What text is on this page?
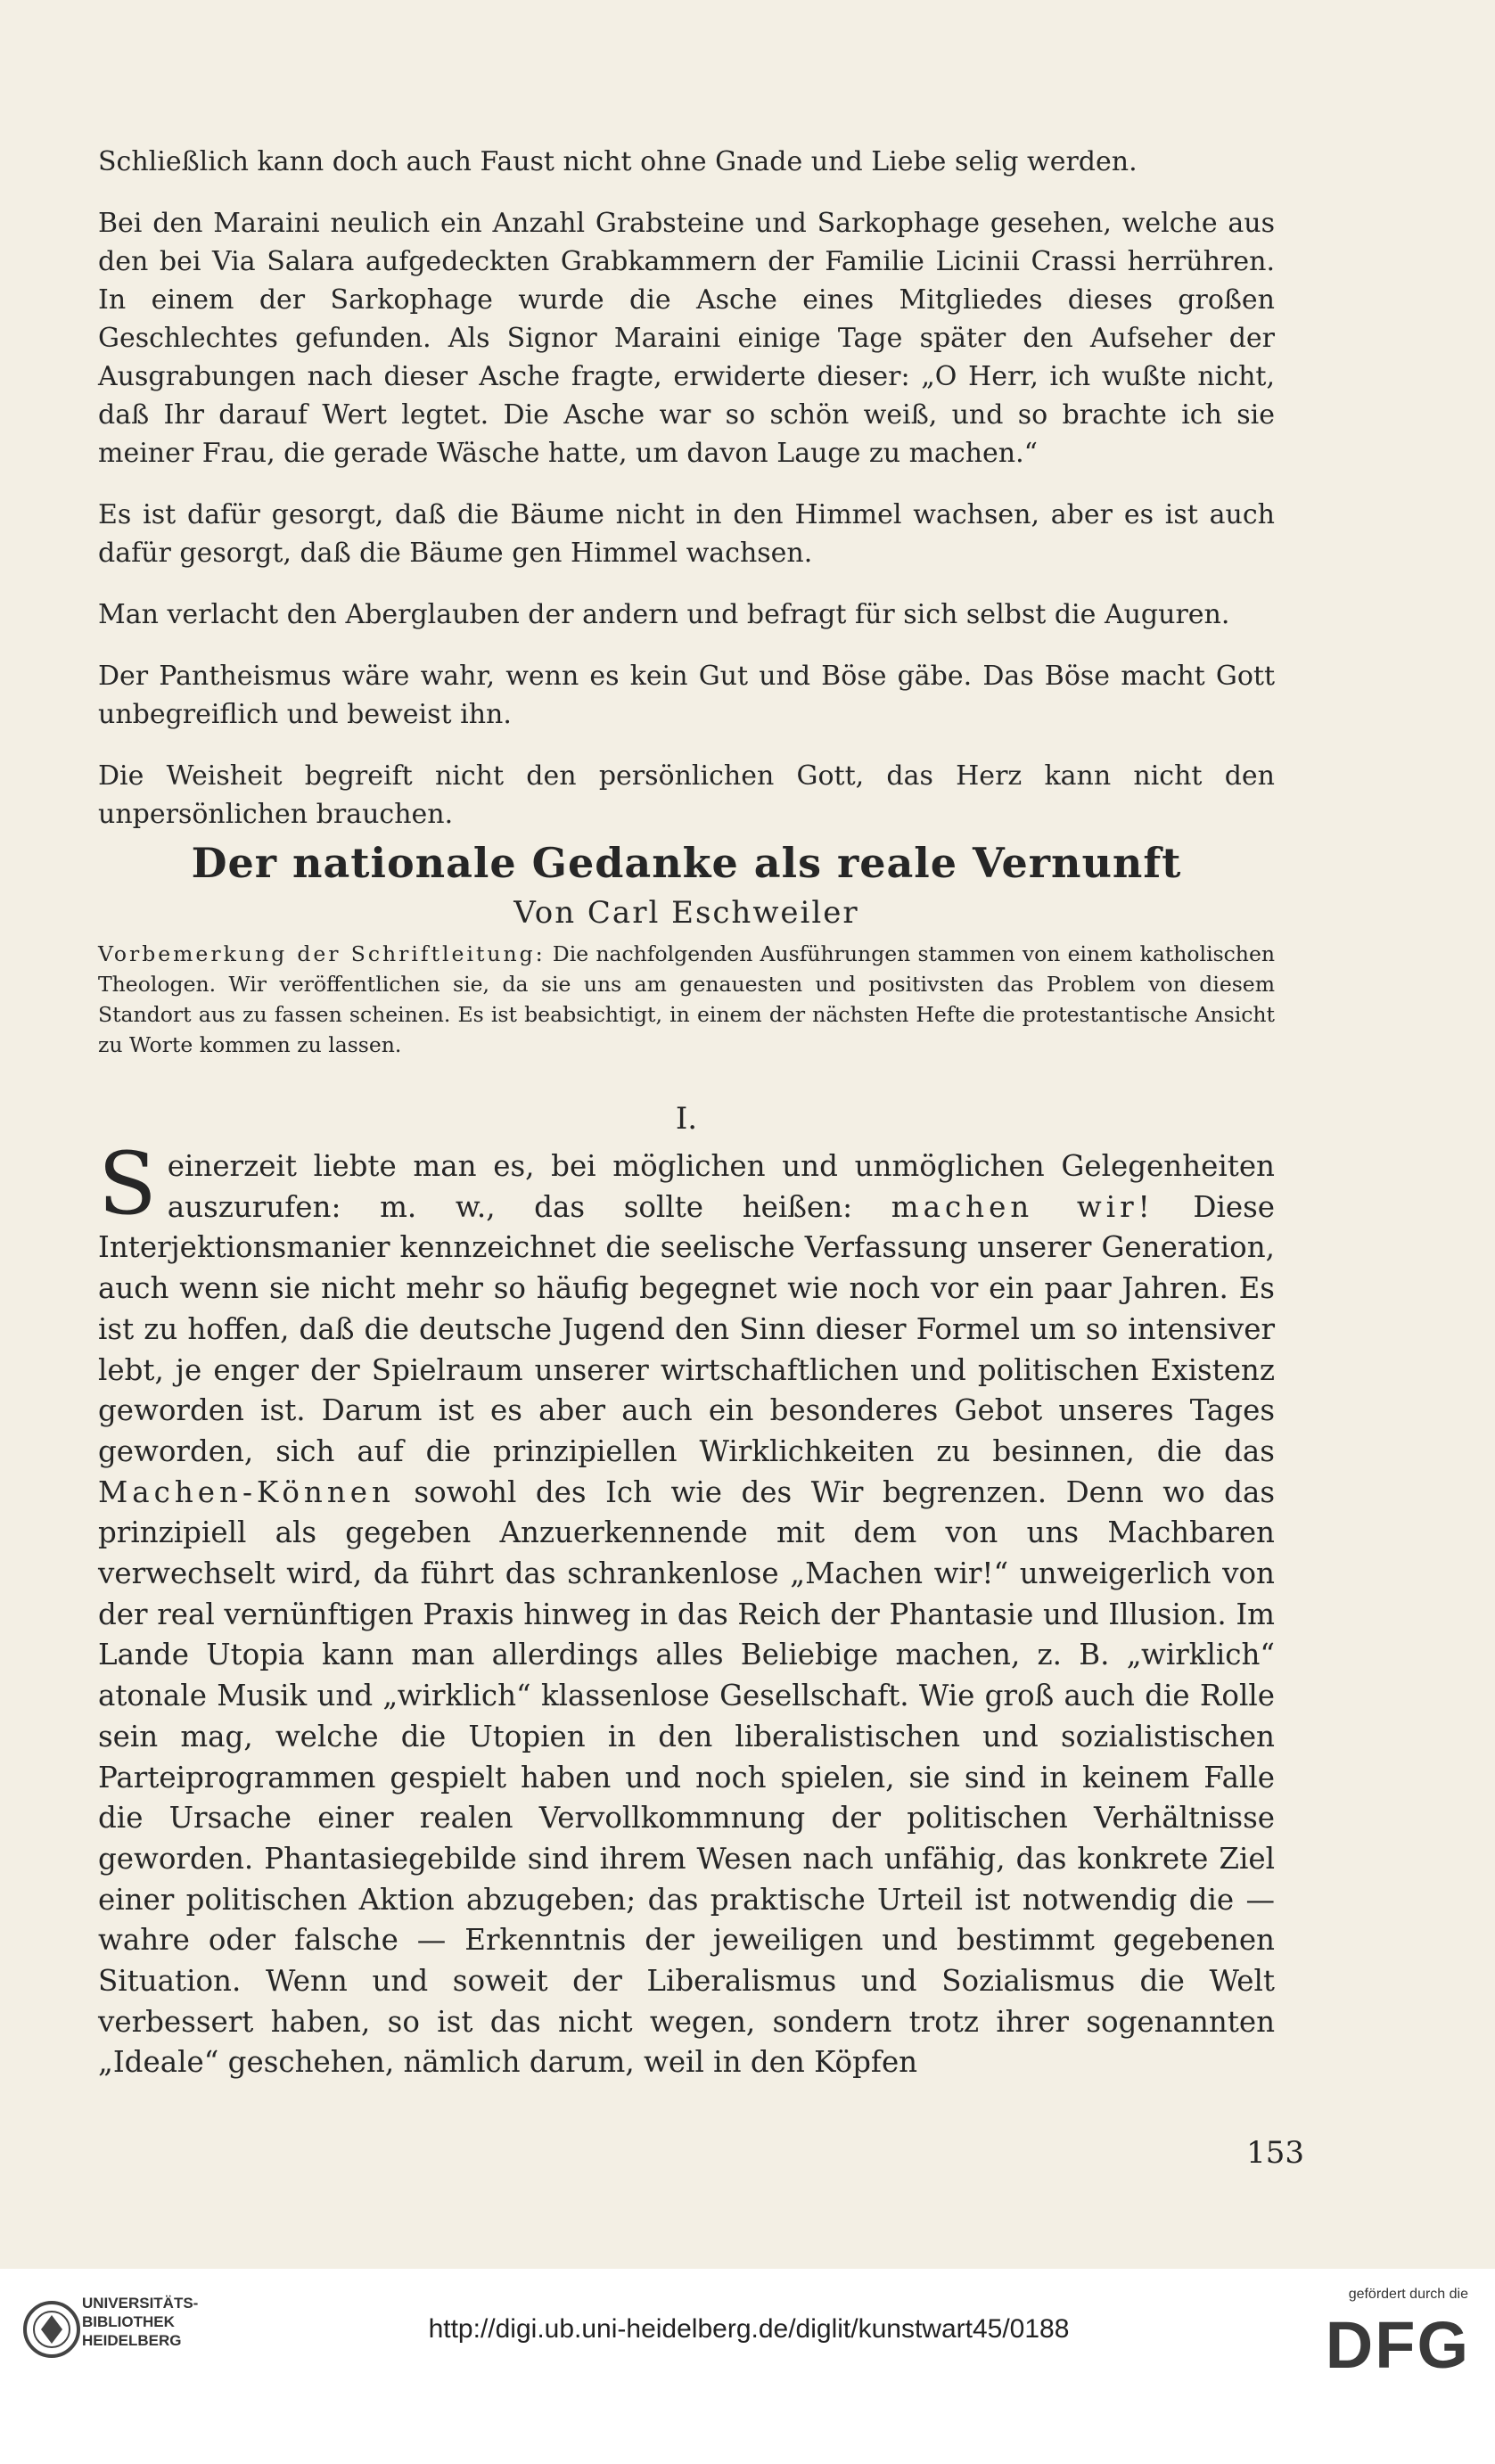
Schließlich kann doch auch Faust nicht ohne Gnade und Liebe selig werden.

Bei den Maraini neulich ein Anzahl Grabsteine und Sarkophage gesehen, welche aus den bei Via Salara aufgedeckten Grabkammern der Familie Licinii Crassi herrühren. In einem der Sarkophage wurde die Asche eines Mitgliedes dieses großen Geschlechtes gefunden. Als Signor Maraini einige Tage später den Aufseher der Ausgrabungen nach dieser Asche fragte, erwiderte dieser: „O Herr, ich wußte nicht, daß Ihr darauf Wert legtet. Die Asche war so schön weiß, und so brachte ich sie meiner Frau, die gerade Wäsche hatte, um davon Lauge zu machen.“

Es ist dafür gesorgt, daß die Bäume nicht in den Himmel wachsen, aber es ist auch dafür gesorgt, daß die Bäume gen Himmel wachsen.

Man verlacht den Aberglauben der andern und befragt für sich selbst die Auguren.

Der Pantheismus wäre wahr, wenn es kein Gut und Böse gäbe. Das Böse macht Gott unbegreiflich und beweist ihn.

Die Weisheit begreift nicht den persönlichen Gott, das Herz kann nicht den unpersönlichen brauchen.

Der nationale Gedanke als reale Vernunft
Von Carl Eschweiler

Vorbemerkung der Schriftleitung: Die nachfolgenden Ausführungen stammen von einem katholischen Theologen. Wir veröffentlichen sie, da sie uns am genauesten und positivsten das Problem von diesem Standort aus zu fassen scheinen. Es ist beabsichtigt, in einem der nächsten Hefte die protestantische Ansicht zu Worte kommen zu lassen.

I.

Seinerzeit liebte man es, bei möglichen und unmöglichen Gelegenheiten auszurufen: m. w., das sollte heißen: machen wir! Diese Interjektionsmanier kennzeichnet die seelische Verfassung unserer Generation, auch wenn sie nicht mehr so häufig begegnet wie noch vor ein paar Jahren. Es ist zu hoffen, daß die deutsche Jugend den Sinn dieser Formel um so intensiver lebt, je enger der Spielraum unserer wirtschaftlichen und politischen Existenz geworden ist. Darum ist es aber auch ein besonderes Gebot unseres Tages geworden, sich auf die prinzipiellen Wirklichkeiten zu besinnen, die das Machen-Können sowohl des Ich wie des Wir begrenzen. Denn wo das prinzipiell als gegeben Anzuerkennende mit dem von uns Machbaren verwechselt wird, da führt das schrankenlose „Machen wir!“ unweigerlich von der real vernünftigen Praxis hinweg in das Reich der Phantasie und Illusion. Im Lande Utopia kann man allerdings alles Beliebige machen, z. B. „wirklich“ atonale Musik und „wirklich“ klassenlose Gesellschaft. Wie groß auch die Rolle sein mag, welche die Utopien in den liberalistischen und sozialistischen Parteiprogrammen gespielt haben und noch spielen, sie sind in keinem Falle die Ursache einer realen Vervollkommnung der politischen Verhältnisse geworden. Phantasiegebilde sind ihrem Wesen nach unfähig, das konkrete Ziel einer politischen Aktion abzugeben; das praktische Urteil ist notwendig die — wahre oder falsche — Erkenntnis der jeweiligen und bestimmt gegebenen Situation. Wenn und soweit der Liberalismus und Sozialismus die Welt verbessert haben, so ist das nicht wegen, sondern trotz ihrer sogenannten „Ideale“ geschehen, nämlich darum, weil in den Köpfen

153
UNIVERSITÄTS-
BIBLIOTHEK
HEIDELBERG	http://digi.ub.uni-heidelberg.de/diglit/kunstwart45/0188
gefördert durch die
DFG
